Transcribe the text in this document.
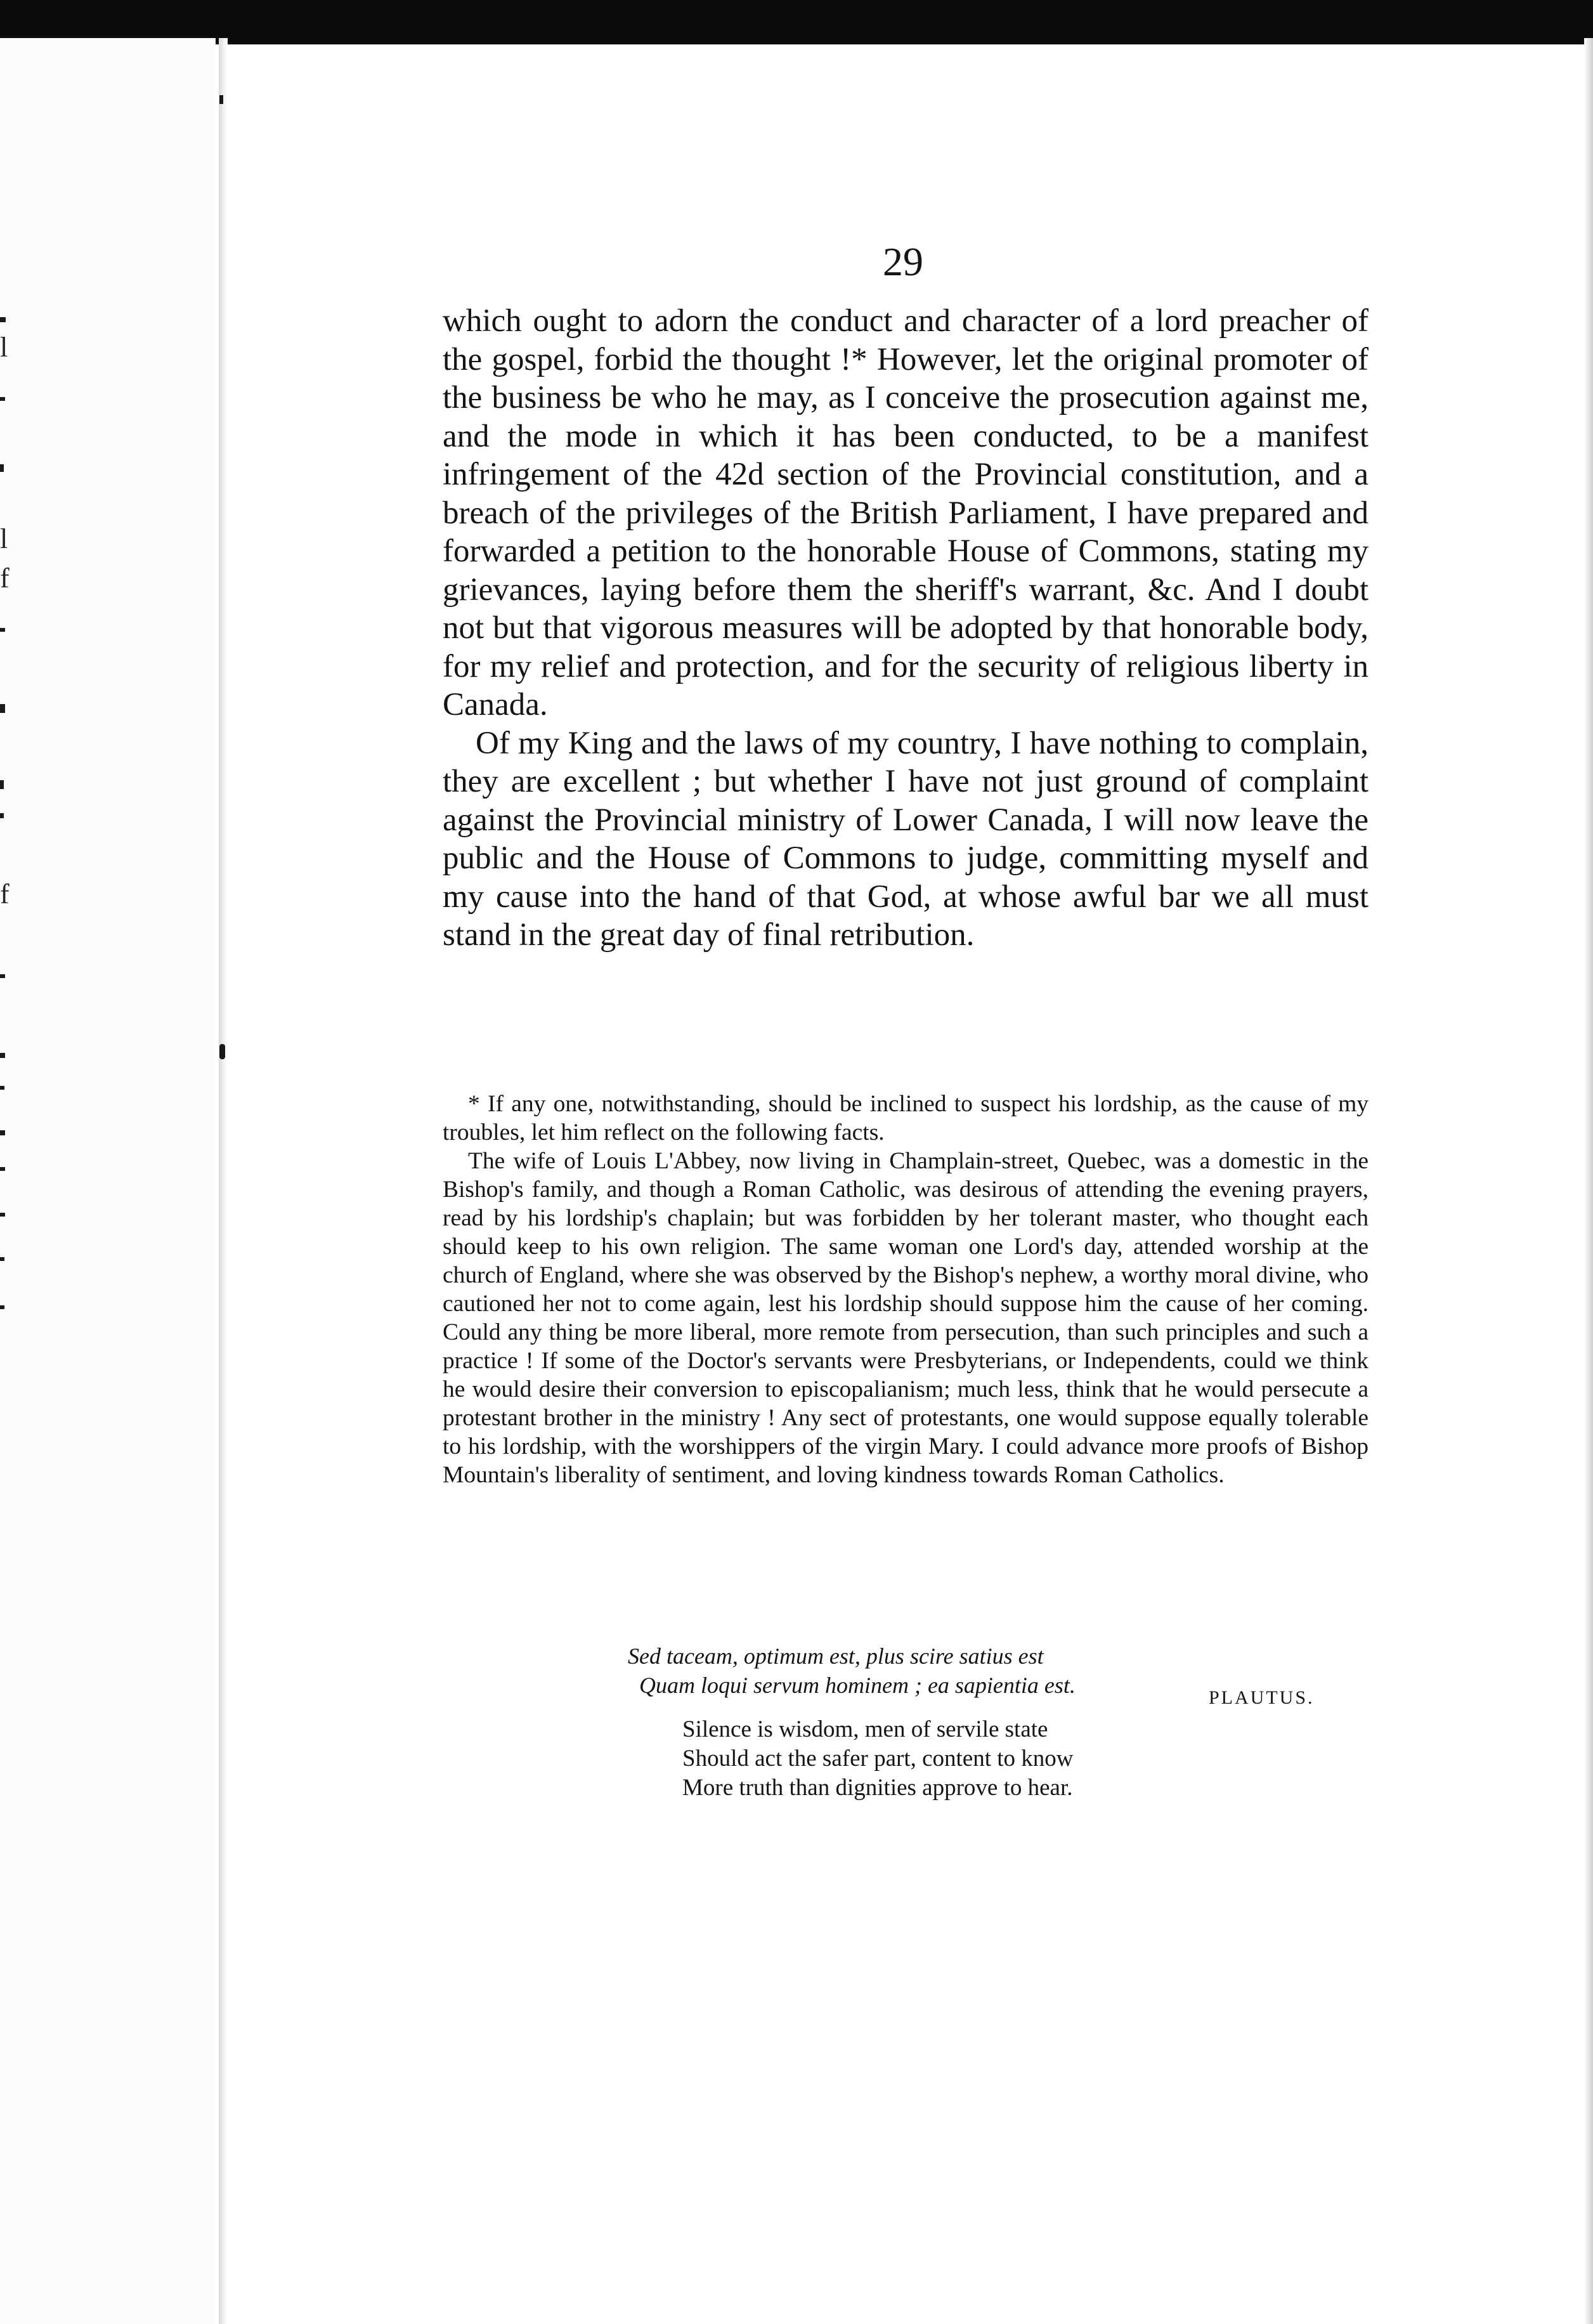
l
l
f
f
29

which ought to adorn the conduct and character of a lord preacher of the gospel, forbid the thought !* However, let the original promoter of the business be who he may, as I conceive the prosecution against me, and the mode in which it has been conducted, to be a manifest infringement of the 42d section of the Provincial constitution, and a breach of the privileges of the British Parliament, I have prepared and forwarded a petition to the honorable House of Commons, stating my grievances, laying before them the sheriff's warrant, &c. And I doubt not but that vigorous measures will be adopted by that honorable body, for my relief and protection, and for the security of religious liberty in Canada.

Of my King and the laws of my country, I have nothing to complain, they are excellent ; but whether I have not just ground of complaint against the Provincial ministry of Lower Canada, I will now leave the public and the House of Commons to judge, committing myself and my cause into the hand of that God, at whose awful bar we all must stand in the great day of final retribution.

* If any one, notwithstanding, should be inclined to suspect his lordship, as the cause of my troubles, let him reflect on the following facts.

The wife of Louis L'Abbey, now living in Champlain-street, Quebec, was a domestic in the Bishop's family, and though a Roman Catholic, was desirous of attending the evening prayers, read by his lordship's chaplain; but was forbidden by her tolerant master, who thought each should keep to his own religion. The same woman one Lord's day, attended worship at the church of England, where she was observed by the Bishop's nephew, a worthy moral divine, who cautioned her not to come again, lest his lordship should suppose him the cause of her coming. Could any thing be more liberal, more remote from persecution, than such principles and such a practice ! If some of the Doctor's servants were Presbyterians, or Independents, could we think he would desire their conversion to episcopalianism; much less, think that he would persecute a protestant brother in the ministry ! Any sect of protestants, one would suppose equally tolerable to his lordship, with the worshippers of the virgin Mary. I could advance more proofs of Bishop Mountain's liberality of sentiment, and loving kindness towards Roman Catholics.

Sed taceam, optimum est, plus scire satius est
Quam loqui servum hominem ; ea sapientia est.	PLAUTUS.
Silence is wisdom, men of servile state
Should act the safer part, content to know
More truth than dignities approve to hear.
